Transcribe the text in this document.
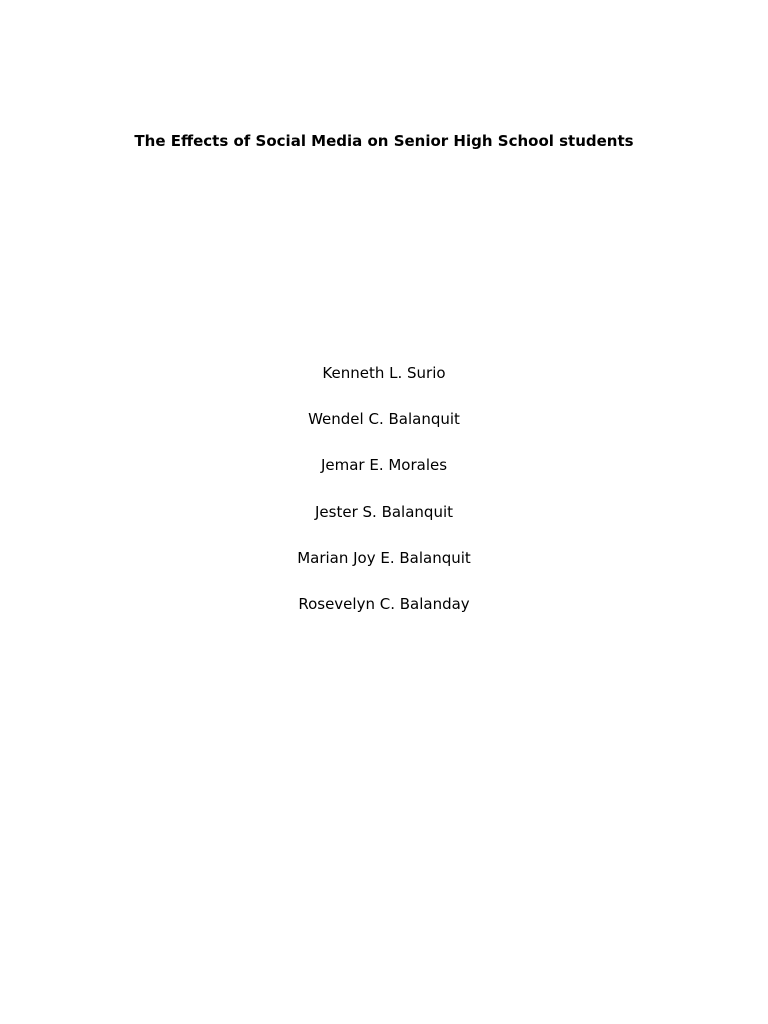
The Effects of Social Media on Senior High School students
Kenneth L. Surio
Wendel C. Balanquit
Jemar E. Morales
Jester S. Balanquit
Marian Joy E. Balanquit
Rosevelyn C. Balanday
